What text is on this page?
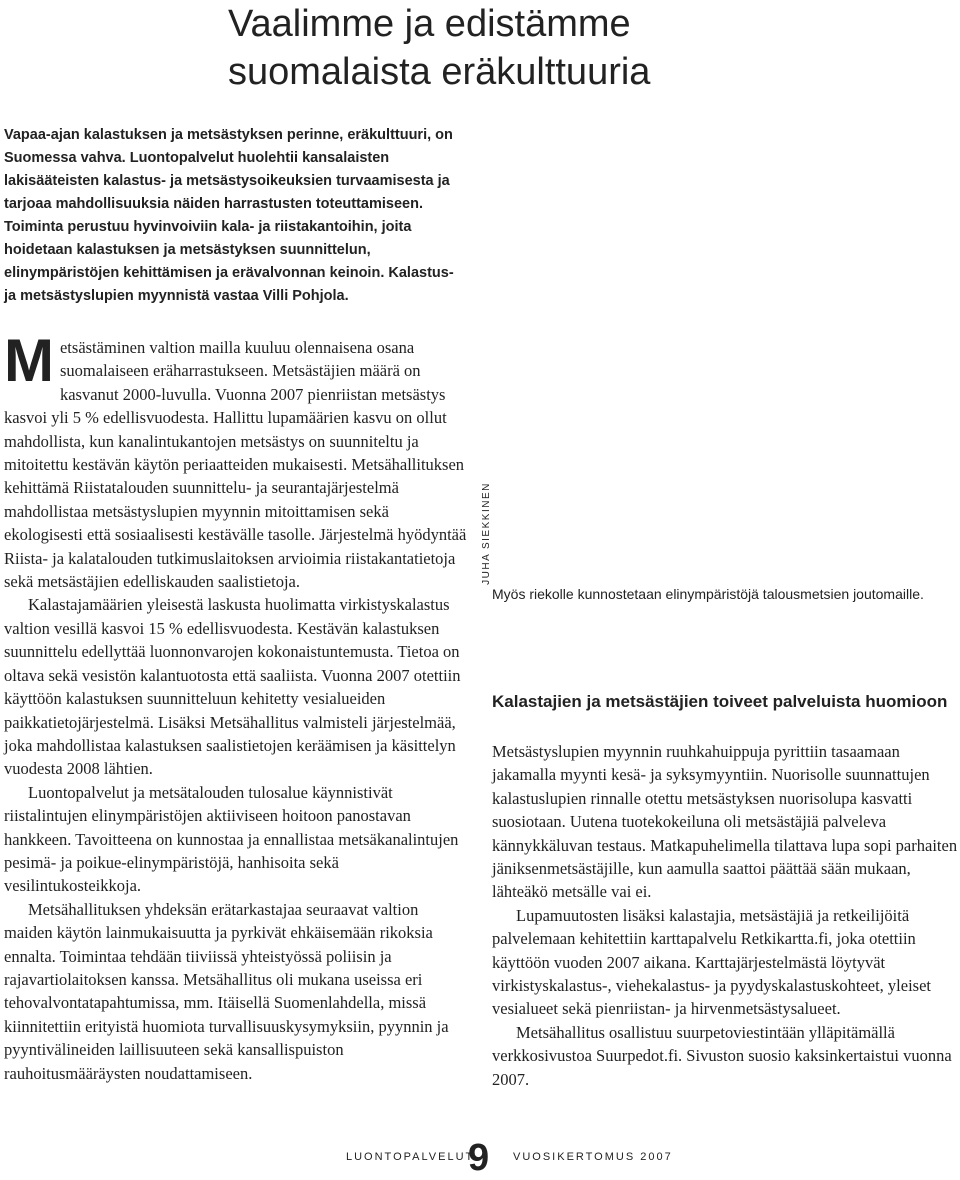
Vaalimme ja edistämme
suomalaista eräkulttuuria

Vapaa-ajan kalastuksen ja metsästyksen perinne, eräkulttuuri, on Suomessa vahva. Luontopalvelut huolehtii kansalaisten lakisääteisten kalastus- ja metsästysoikeuksien turvaamisesta ja tarjoaa mahdollisuuksia näiden harrastusten toteuttamiseen.

Toiminta perustuu hyvinvoiviin kala- ja riistakantoihin, joita hoidetaan kalastuksen ja metsästyksen suunnittelun, elinympäristöjen kehittämisen ja erävalvonnan keinoin. Kalastus- ja metsästyslupien myynnistä vastaa Villi Pohjola.

Metsästäminen valtion mailla kuuluu olennaisena osana suomalaiseen eräharrastukseen. Metsästäjien määrä on kasvanut 2000-luvulla. Vuonna 2007 pienriistan metsästys kasvoi yli 5 % edellisvuodesta. Hallittu lupamäärien kasvu on ollut mahdollista, kun kanalintukantojen metsästys on suunniteltu ja mitoitettu kestävän käytön periaatteiden mukaisesti. Metsähallituksen kehittämä Riistatalouden suunnittelu- ja seurantajärjestelmä mahdollistaa metsästyslupien myynnin mitoittamisen sekä ekologisesti että sosiaalisesti kestävälle tasolle. Järjestelmä hyödyntää Riista- ja kalatalouden tutkimuslaitoksen arvioimia riistakantatietoja sekä metsästäjien edelliskauden saalistietoja.

Kalastajamäärien yleisestä laskusta huolimatta virkistyskalastus valtion vesillä kasvoi 15 % edellisvuodesta. Kestävän kalastuksen suunnittelu edellyttää luonnonvarojen kokonaistuntemusta. Tietoa on oltava sekä vesistön kalantuotosta että saaliista. Vuonna 2007 otettiin käyttöön kalastuksen suunnitteluun kehitetty vesialueiden paikkatietojärjestelmä. Lisäksi Metsähallitus valmisteli järjestelmää, joka mahdollistaa kalastuksen saalistietojen keräämisen ja käsittelyn vuodesta 2008 lähtien.

Luontopalvelut ja metsätalouden tulosalue käynnistivät riistalintujen elinympäristöjen aktiiviseen hoitoon panostavan hankkeen. Tavoitteena on kunnostaa ja ennallistaa metsäkanalintujen pesimä- ja poikue-elinympäristöjä, hanhisoita sekä vesilintukosteikkoja.

Metsähallituksen yhdeksän erätarkastajaa seuraavat valtion maiden käytön lainmukaisuutta ja pyrkivät ehkäisemään rikoksia ennalta. Toimintaa tehdään tiiviissä yhteistyössä poliisin ja rajavartiolaitoksen kanssa. Metsähallitus oli mukana useissa eri tehovalvontatapahtumissa, mm. Itäisellä Suomenlahdella, missä kiinnitettiin erityistä huomiota turvallisuuskysymyksiin, pyynnin ja pyyntivälineiden laillisuuteen sekä kansallispuiston rauhoitusmääräysten noudattamiseen.

JUHA SIEKKINEN
Myös riekolle kunnostetaan elinympäristöjä talousmetsien joutomaille.
Kalastajien ja metsästäjien toiveet palveluista huomioon

Metsästyslupien myynnin ruuhkahuippuja pyrittiin tasaamaan jakamalla myynti kesä- ja syksymyyntiin. Nuorisolle suunnattujen kalastuslupien rinnalle otettu metsästyksen nuorisolupa kasvatti suosiotaan. Uutena tuotekokeiluna oli metsästäjiä palveleva kännykkäluvan testaus. Matkapuhelimella tilattava lupa sopi parhaiten jäniksenmetsästäjille, kun aamulla saattoi päättää sään mukaan, lähteäkö metsälle vai ei.

Lupamuutosten lisäksi kalastajia, metsästäjiä ja retkeilijöitä palvelemaan kehitettiin karttapalvelu Retkikartta.fi, joka otettiin käyttöön vuoden 2007 aikana. Karttajärjestelmästä löytyvät virkistyskalastus-, viehekalastus- ja pyydyskalastuskohteet, yleiset vesialueet sekä pienriistan- ja hirvenmetsästysalueet.

Metsähallitus osallistuu suurpetoviestintään ylläpitämällä verkkosivustoa Suurpedot.fi. Sivuston suosio kaksinkertaistui vuonna 2007.

LUONTOPALVELUT
9 VUOSIKERTOMUS 2007
